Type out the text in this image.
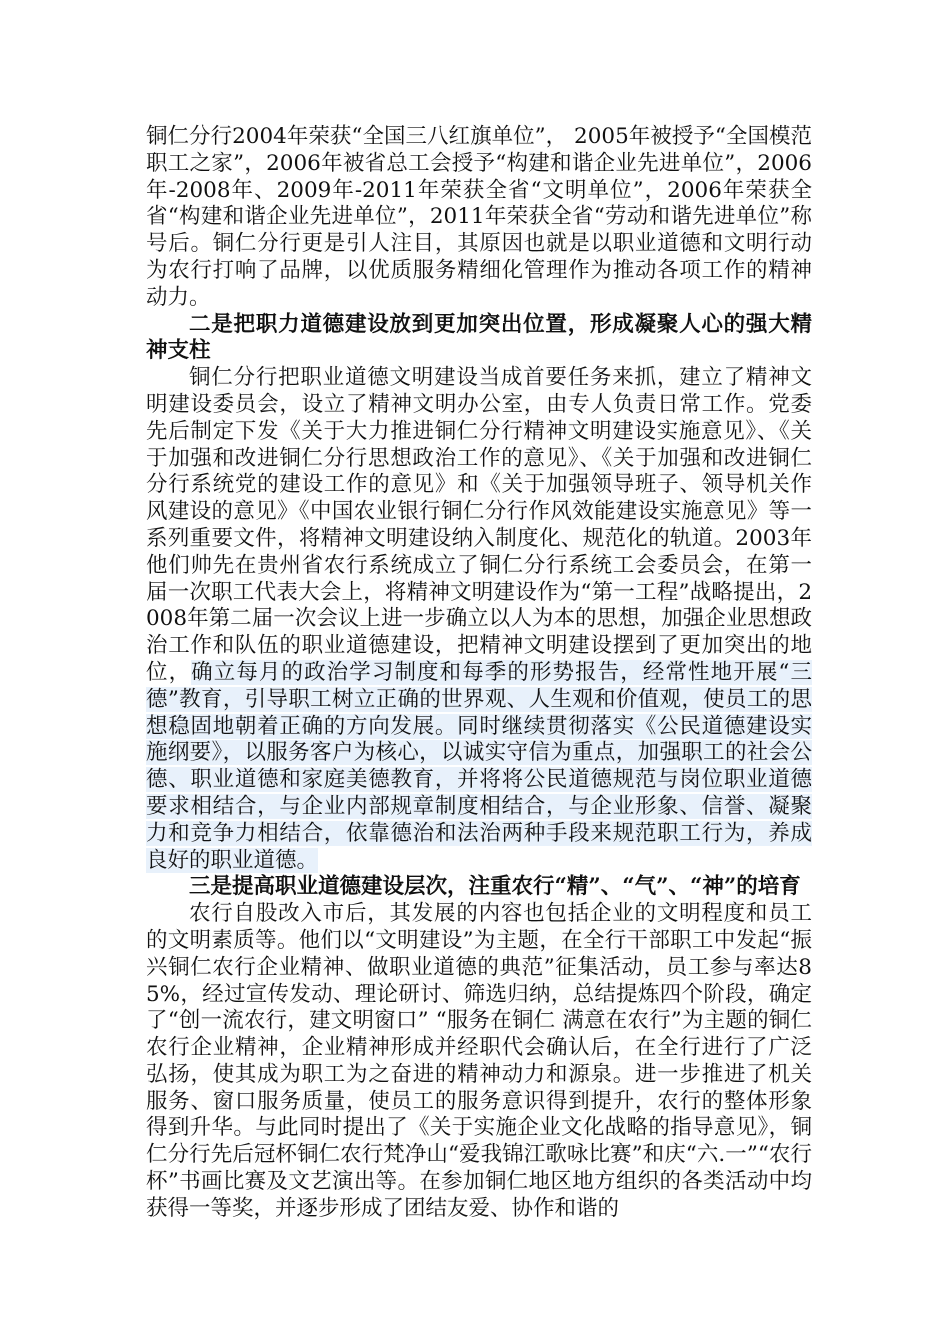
铜仁分行2004年荣获“全国三八红旗单位”， 2005年被授予“全国模范职工之家”，2006年被省总工会授予“构建和谐企业先进单位”，2006年-2008年、2009年-2011年荣获全省“文明单位”，2006年荣获全省“构建和谐企业先进单位”，2011年荣获全省“劳动和谐先进单位”称号后。铜仁分行更是引人注目，其原因也就是以职业道德和文明行动为农行打响了品牌，以优质服务精细化管理作为推动各项工作的精神动力。

二是把职力道德建设放到更加突出位置，形成凝聚人心的强大精神支柱

铜仁分行把职业道德文明建设当成首要任务来抓，建立了精神文明建设委员会，设立了精神文明办公室，由专人负责日常工作。党委先后制定下发《关于大力推进铜仁分行精神文明建设实施意见》、《关于加强和改进铜仁分行思想政治工作的意见》、《关于加强和改进铜仁分行系统党的建设工作的意见》和《关于加强领导班子、领导机关作风建设的意见》《中国农业银行铜仁分行作风效能建设实施意见》等一系列重要文件，将精神文明建设纳入制度化、规范化的轨道。2003年他们帅先在贵州省农行系统成立了铜仁分行系统工会委员会，在第一届一次职工代表大会上，将精神文明建设作为“第一工程”战略提出，2008年第二届一次会议上进一步确立以人为本的思想，加强企业思想政治工作和队伍的职业道德建设，把精神文明建设摆到了更加突出的地位，确立每月的政治学习制度和每季的形势报告，经常性地开展“三德”教育，引导职工树立正确的世界观、人生观和价值观，使员工的思想稳固地朝着正确的方向发展。同时继续贯彻落实《公民道德建设实施纲要》，以服务客户为核心，以诚实守信为重点，加强职工的社会公德、职业道德和家庭美德教育，并将将公民道德规范与岗位职业道德要求相结合，与企业内部规章制度相结合，与企业形象、信誉、凝聚力和竞争力相结合，依靠德治和法治两种手段来规范职工行为，养成良好的职业道德。

三是提高职业道德建设层次，注重农行“精”、“气”、“神”的培育

农行自股改入市后，其发展的内容也包括企业的文明程度和员工的文明素质等。他们以“文明建设”为主题，在全行干部职工中发起“振兴铜仁农行企业精神、做职业道德的典范”征集活动，员工参与率达85%，经过宣传发动、理论研讨、筛选归纳，总结提炼四个阶段，确定了“创一流农行，建文明窗口” “服务在铜仁 满意在农行”为主题的铜仁农行企业精神，企业精神形成并经职代会确认后，在全行进行了广泛弘扬，使其成为职工为之奋进的精神动力和源泉。进一步推进了机关服务、窗口服务质量，使员工的服务意识得到提升，农行的整体形象得到升华。与此同时提出了《关于实施企业文化战略的指导意见》，铜仁分行先后冠杯铜仁农行梵净山“爱我锦江歌咏比赛”和庆“六.一”“农行杯”书画比赛及文艺演出等。在参加铜仁地区地方组织的各类活动中均获得一等奖，并逐步形成了团结友爱、协作和谐的
